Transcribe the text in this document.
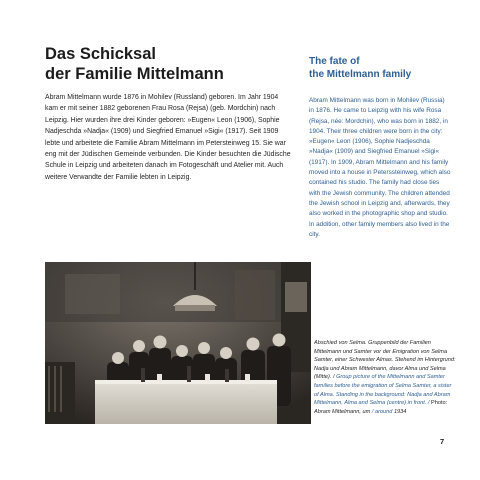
Das Schicksal
der Familie Mittelmann

Abram Mittelmann wurde 1876 in Mohilev (Russland) geboren. Im Jahr 1904 kam er mit seiner 1882 geborenen Frau Rosa (Rejsa) (geb. Mordchin) nach Leipzig. Hier wurden ihre drei Kinder geboren: »Eugen« Leon (1906), Sophie Nadjeschda »Nadja« (1909) und Siegfried Emanuel »Sigi« (1917). Seit 1909 lebte und arbeitete die Familie Abram Mittelmann im Petersteinweg 15. Sie war eng mit der Jüdischen Gemeinde verbunden. Die Kinder besuchten die Jüdische Schule in Leipzig und arbeiteten danach im Fotogeschäft und Atelier mit. Auch weitere Verwandte der Familie lebten in Leipzig.

The fate of
the Mittelmann family

Abram Mittelmann was born in Mohilev (Russia) in 1876. He came to Leipzig with his wife Rosa (Rejsa, née: Mordchin), who was born in 1882, in 1904. Their three children were born in the city: »Eugen« Leon (1906), Sophie Nadjeschda »Nadja« (1909) and Siegfried Emanuel »Sigi« (1917). In 1909, Abram Mittelmann and his family moved into a house in Peterssteinweg, which also contained his studio. The family had close ties with the Jewish community. The children attended the Jewish school in Leipzig and, afterwards, they also worked in the photographic shop and studio. In addition, other family members also lived in the city.

Abschied von Selma. Gruppenbild der Familien Mittelmann und Samter vor der Emigration von Selma Samter, einer Schwester Almas. Stehend im Hintergrund: Nadja und Abram Mittelmann, davor Alma und Selma (Mitte). / Group picture of the Mittelmann and Samter families before the emigration of Selma Samter, a sister of Alma. Standing in the background: Nadja and Abram Mittelmann, Alma and Selma (centre) in front. / Photo: Abram Mittelmann, um / around 1934

7
